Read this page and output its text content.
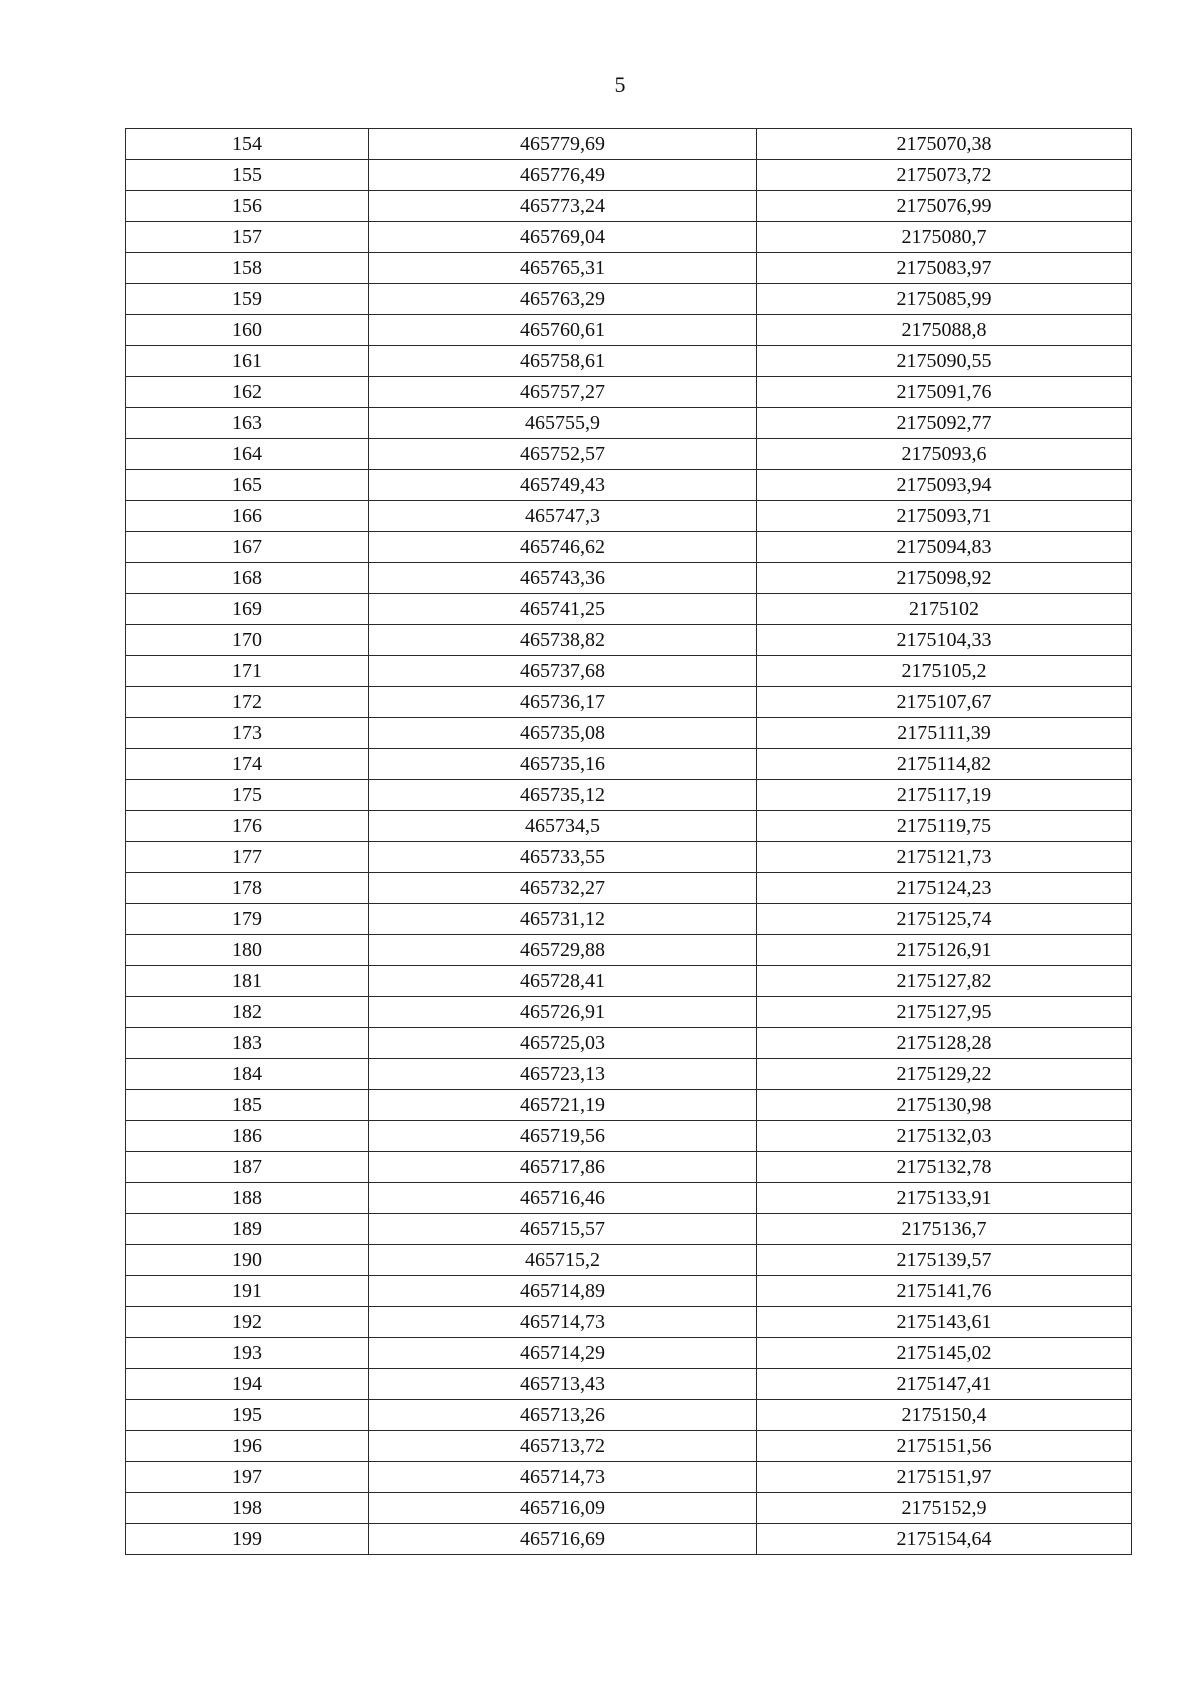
5
154	465779,69	2175070,38
155	465776,49	2175073,72
156	465773,24	2175076,99
157	465769,04	2175080,7
158	465765,31	2175083,97
159	465763,29	2175085,99
160	465760,61	2175088,8
161	465758,61	2175090,55
162	465757,27	2175091,76
163	465755,9	2175092,77
164	465752,57	2175093,6
165	465749,43	2175093,94
166	465747,3	2175093,71
167	465746,62	2175094,83
168	465743,36	2175098,92
169	465741,25	2175102
170	465738,82	2175104,33
171	465737,68	2175105,2
172	465736,17	2175107,67
173	465735,08	2175111,39
174	465735,16	2175114,82
175	465735,12	2175117,19
176	465734,5	2175119,75
177	465733,55	2175121,73
178	465732,27	2175124,23
179	465731,12	2175125,74
180	465729,88	2175126,91
181	465728,41	2175127,82
182	465726,91	2175127,95
183	465725,03	2175128,28
184	465723,13	2175129,22
185	465721,19	2175130,98
186	465719,56	2175132,03
187	465717,86	2175132,78
188	465716,46	2175133,91
189	465715,57	2175136,7
190	465715,2	2175139,57
191	465714,89	2175141,76
192	465714,73	2175143,61
193	465714,29	2175145,02
194	465713,43	2175147,41
195	465713,26	2175150,4
196	465713,72	2175151,56
197	465714,73	2175151,97
198	465716,09	2175152,9
199	465716,69	2175154,64
